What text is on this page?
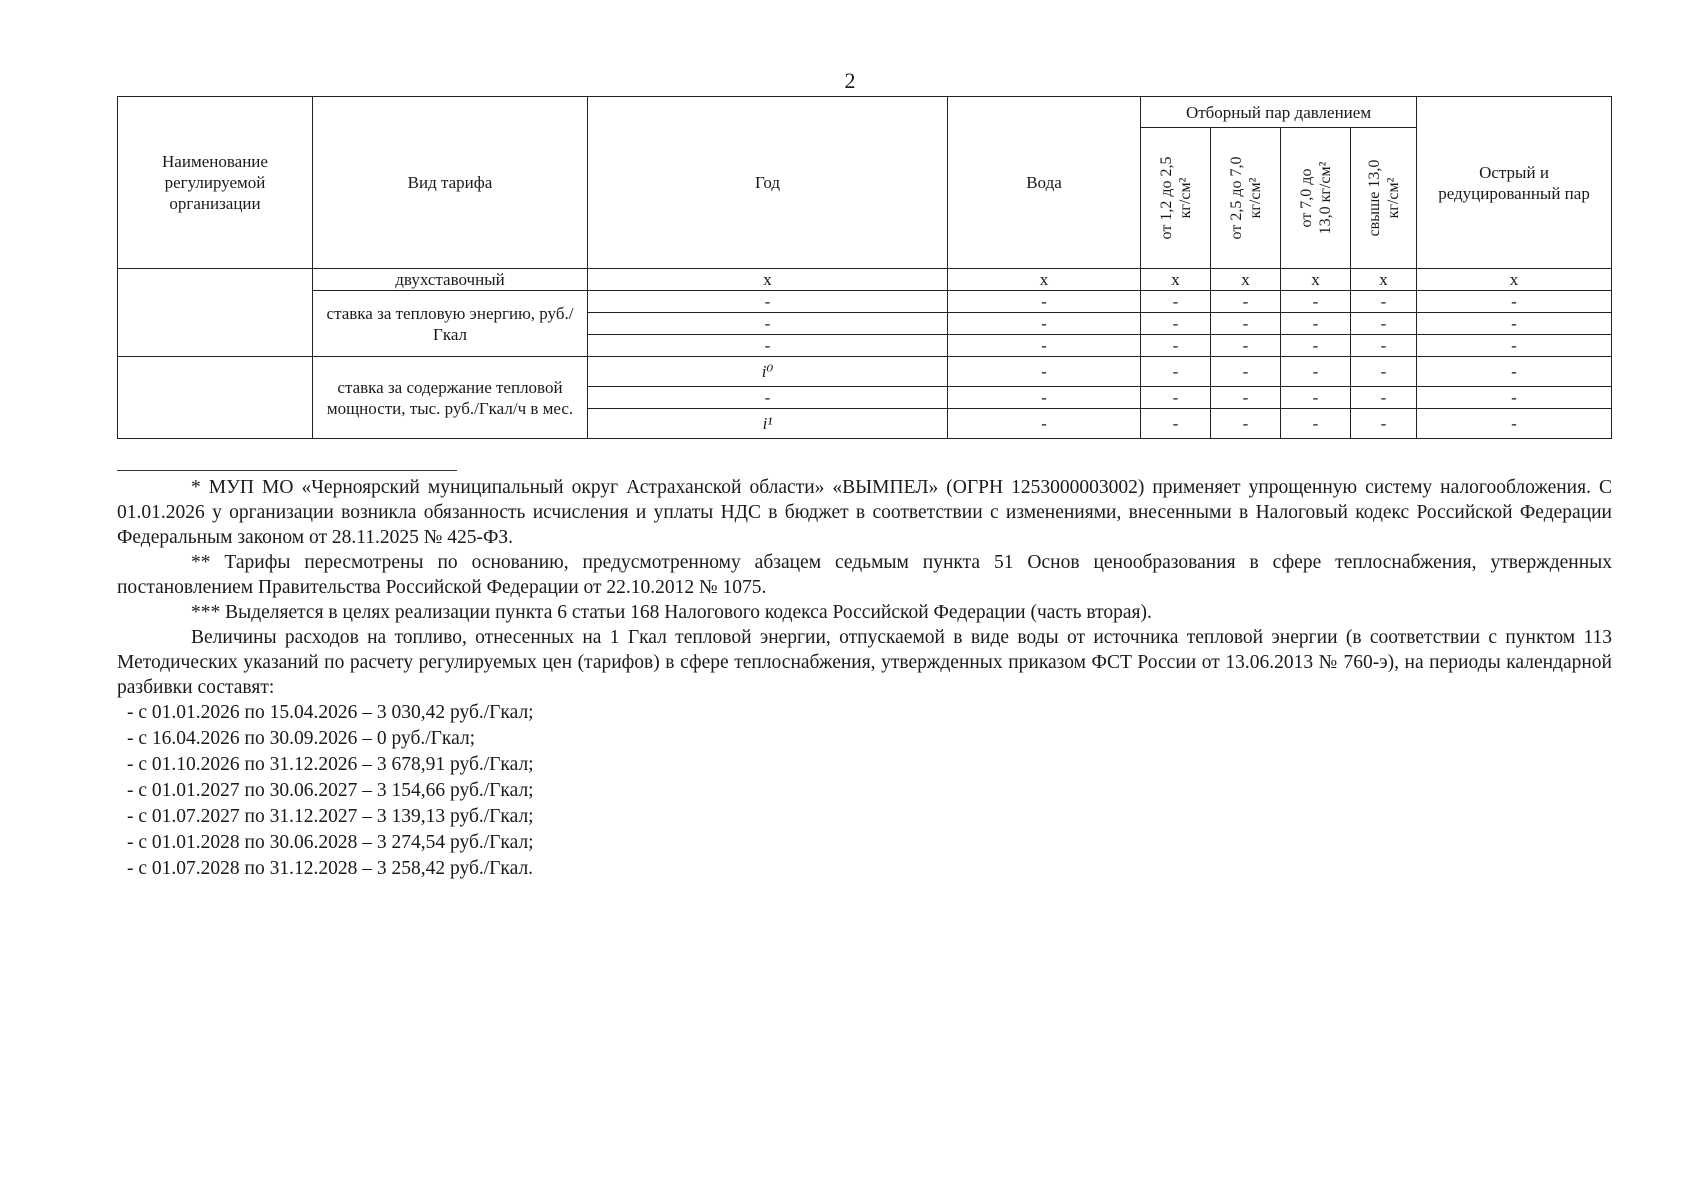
2
Наименование регулируемой организации	Вид тарифа	Год	Вода	Отборный пар давлением				Острый и редуцированный пар

				от 1,2 до 2,5 кг/см²	от 2,5 до 7,0 кг/см²	от 7,0 до 13,0 кг/см²	свыше 13,0 кг/см²	

	двухставочный	x	x	x	x	x	x	x
	ставка за тепловую энергию, руб./Гкал	-	-	-	-	-	-	-
		-	-	-	-	-	-	-
		-	-	-	-	-	-	-
	ставка за содержание тепловой мощности, тыс. руб./Гкал/ч в мес.	i⁰	-	-	-	-	-	-
		-	-	-	-	-	-	-
		i¹	-	-	-	-	-	-

* МУП МО «Черноярский муниципальный округ Астраханской области» «ВЫМПЕЛ» (ОГРН 1253000003002) применяет упрощенную систему налогообложения. С 01.01.2026 у организации возникла обязанность исчисления и уплаты НДС в бюджет в соответствии с изменениями, внесенными в Налоговый кодекс Российской Федерации Федеральным законом от 28.11.2025 № 425-ФЗ.

** Тарифы пересмотрены по основанию, предусмотренному абзацем седьмым пункта 51 Основ ценообразования в сфере теплоснабжения, утвержденных постановлением Правительства Российской Федерации от 22.10.2012 № 1075.

*** Выделяется в целях реализации пункта 6 статьи 168 Налогового кодекса Российской Федерации (часть вторая).

Величины расходов на топливо, отнесенных на 1 Гкал тепловой энергии, отпускаемой в виде воды от источника тепловой энергии (в соответствии с пунктом 113 Методических указаний по расчету регулируемых цен (тарифов) в сфере теплоснабжения, утвержденных приказом ФСТ России от 13.06.2013 № 760-э), на периоды календарной разбивки составят:

- с 01.01.2026 по 15.04.2026 – 3 030,42 руб./Гкал;
- с 16.04.2026 по 30.09.2026 – 0 руб./Гкал;
- с 01.10.2026 по 31.12.2026 – 3 678,91 руб./Гкал;
- с 01.01.2027 по 30.06.2027 – 3 154,66 руб./Гкал;
- с 01.07.2027 по 31.12.2027 – 3 139,13 руб./Гкал;
- с 01.01.2028 по 30.06.2028 – 3 274,54 руб./Гкал;
- с 01.07.2028 по 31.12.2028 – 3 258,42 руб./Гкал.
